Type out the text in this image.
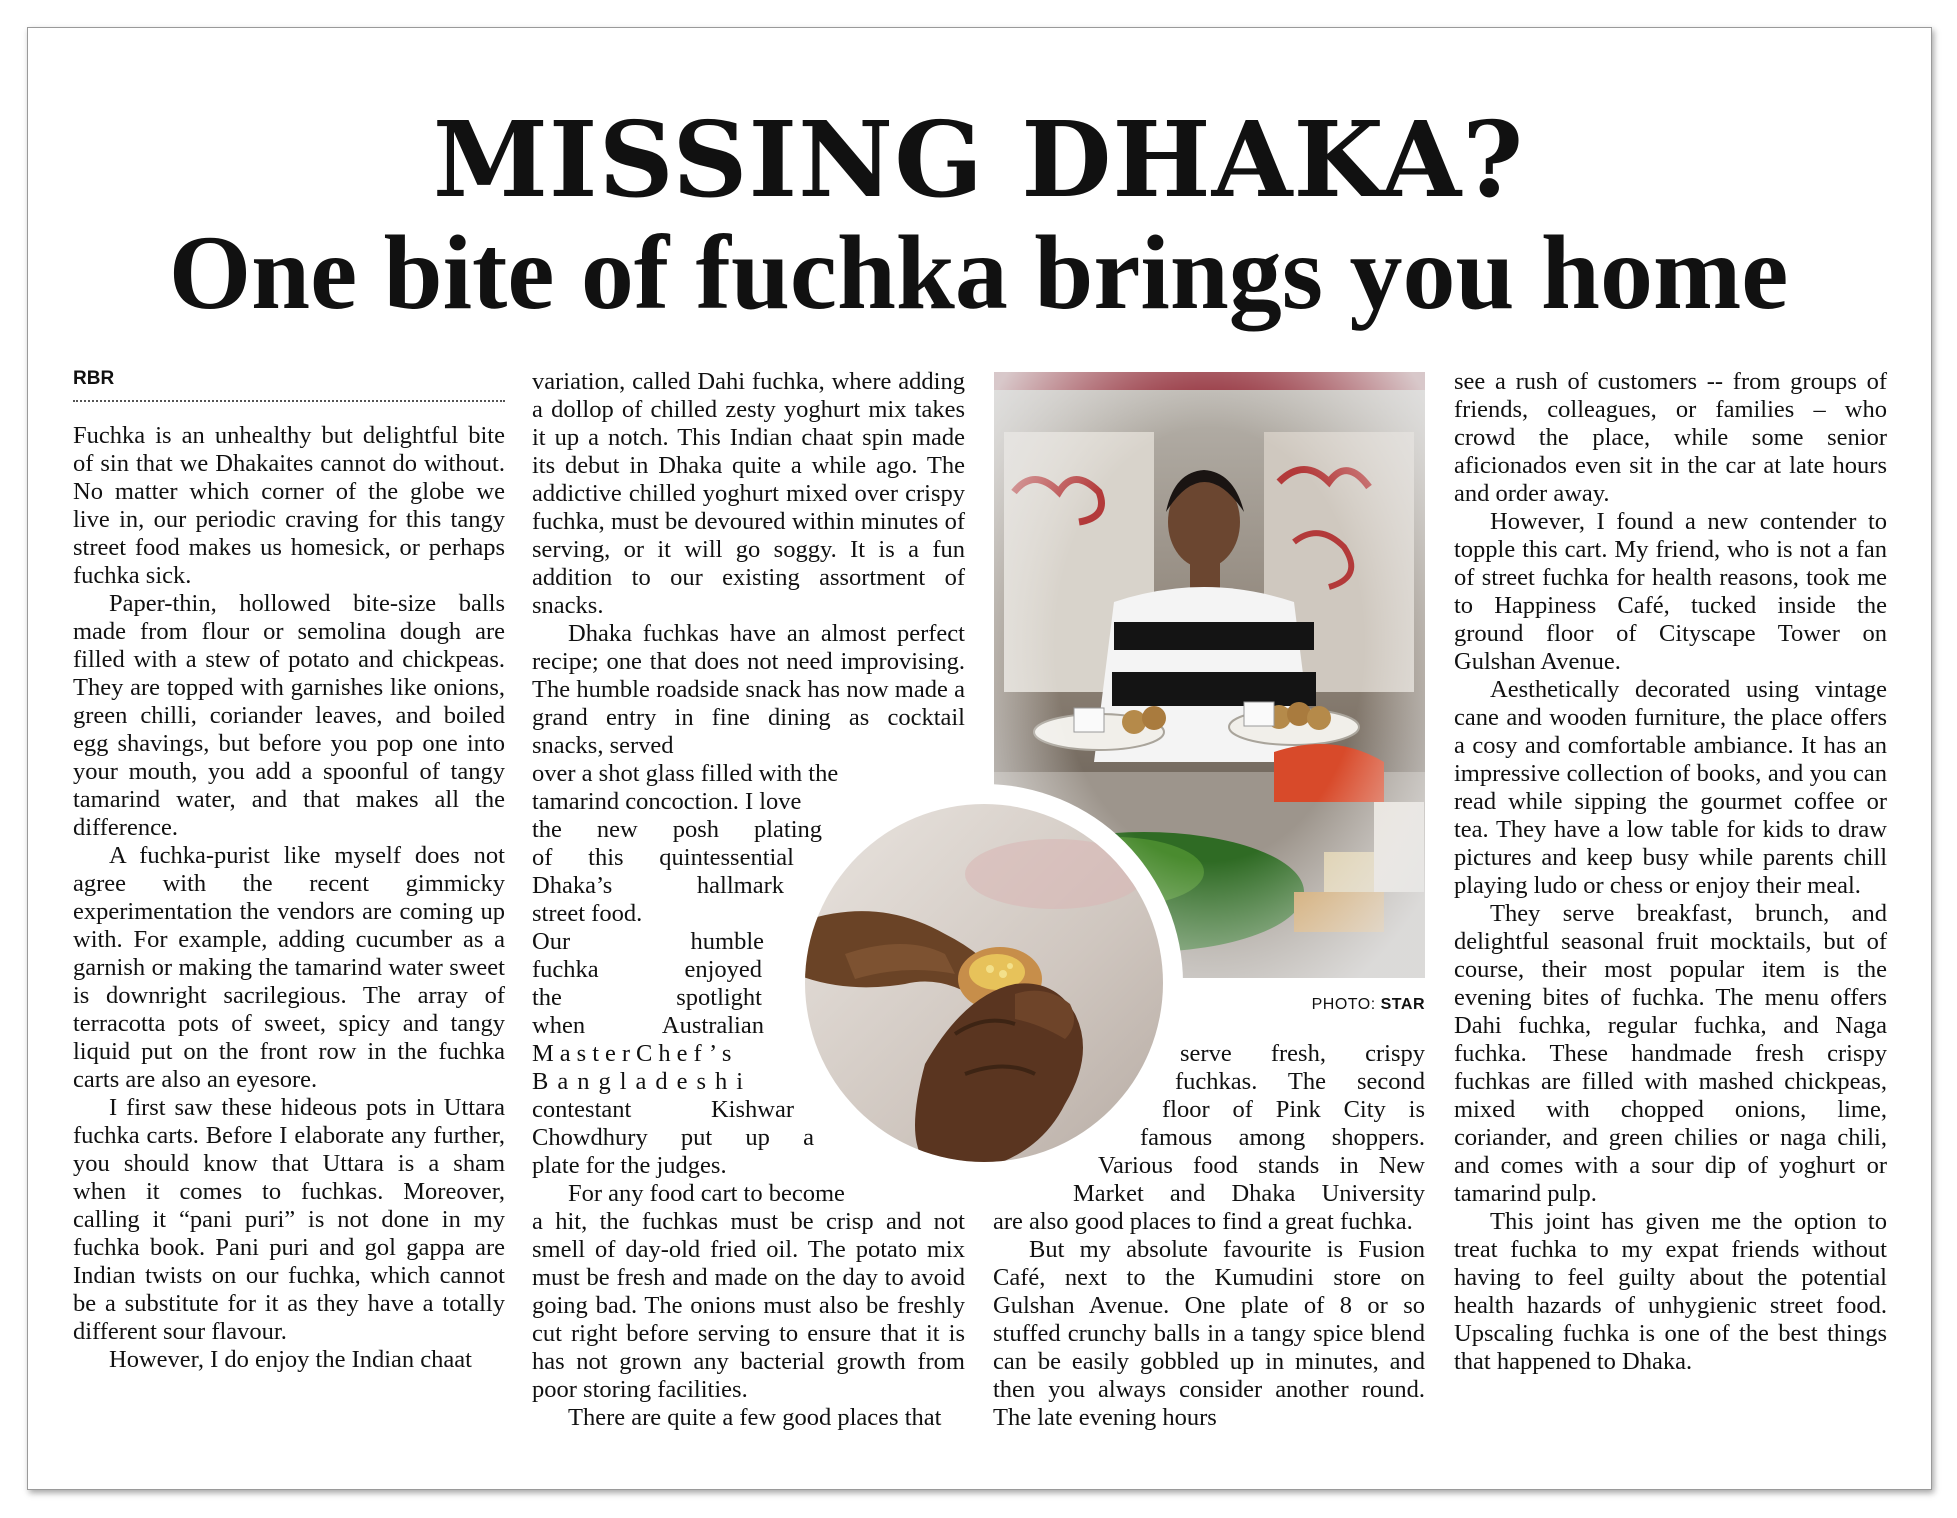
MISSING DHAKA?
One bite of fuchka brings you home
RBR

Fuchka is an unhealthy but delightful bite of sin that we Dhakaites cannot do without. No matter which corner of the globe we live in, our periodic craving for this tangy street food makes us homesick, or perhaps fuchka sick.

Paper-thin, hollowed bite-size balls made from flour or semolina dough are filled with a stew of potato and chickpeas. They are topped with garnishes like onions, green chilli, coriander leaves, and boiled egg shavings, but before you pop one into your mouth, you add a spoonful of tangy tamarind water, and that makes all the difference.

A fuchka-purist like myself does not agree with the recent gimmicky experimentation the vendors are coming up with. For example, adding cucumber as a garnish or making the tamarind water sweet is downright sacrilegious. The array of terracotta pots of sweet, spicy and tangy liquid put on the front row in the fuchka carts are also an eyesore.

I first saw these hideous pots in Uttara fuchka carts. Before I elaborate any further, you should know that Uttara is a sham when it comes to fuchkas. Moreover, calling it “pani puri” is not done in my fuchka book. Pani puri and gol gappa are Indian twists on our fuchka, which cannot be a substitute for it as they have a totally different sour flavour.

However, I do enjoy the Indian chaat

variation, called Dahi fuchka, where adding a dollop of chilled zesty yoghurt mix takes it up a notch. This Indian chaat spin made its debut in Dhaka quite a while ago. The addictive chilled yoghurt mixed over crispy fuchka, must be devoured within minutes of serving, or it will go soggy. It is a fun addition to our existing assortment of snacks.

Dhaka fuchkas have an almost perfect recipe; one that does not need improvising. The humble roadside snack has now made a grand entry in fine dining as cocktail snacks, served

over a shot glass filled with the
tamarind concoction. I love
the new posh plating
of this quintessential
Dhaka’s hallmark
street food.
Our humble
fuchka enjoyed
the spotlight
when Australian
MasterChef’s
Bangladeshi
contestant Kishwar
Chowdhury put up a
plate for the judges.
For any food cart to become

a hit, the fuchkas must be crisp and not smell of day-old fried oil. The potato mix must be fresh and made on the day to avoid going bad. The onions must also be freshly cut right before serving to ensure that it is has not grown any bacterial growth from poor storing facilities.

There are quite a few good places that

PHOTO: STAR
serve fresh, crispy
fuchkas. The second
floor of Pink City is
famous among shoppers.
Various food stands in New
Market and Dhaka University

are also good places to find a great fuchka.

But my absolute favourite is Fusion Café, next to the Kumudini store on Gulshan Avenue. One plate of 8 or so stuffed crunchy balls in a tangy spice blend can be easily gobbled up in minutes, and then you always consider another round. The late evening hours

see a rush of customers -- from groups of friends, colleagues, or families – who crowd the place, while some senior aficionados even sit in the car at late hours and order away.

However, I found a new contender to topple this cart. My friend, who is not a fan of street fuchka for health reasons, took me to Happiness Café, tucked inside the ground floor of Cityscape Tower on Gulshan Avenue.

Aesthetically decorated using vintage cane and wooden furniture, the place offers a cosy and comfortable ambiance. It has an impressive collection of books, and you can read while sipping the gourmet coffee or tea. They have a low table for kids to draw pictures and keep busy while parents chill playing ludo or chess or enjoy their meal.

They serve breakfast, brunch, and delightful seasonal fruit mocktails, but of course, their most popular item is the evening bites of fuchka. The menu offers Dahi fuchka, regular fuchka, and Naga fuchka. These handmade fresh crispy fuchkas are filled with mashed chickpeas, mixed with chopped onions, lime, coriander, and green chilies or naga chili, and comes with a sour dip of yoghurt or tamarind pulp.

This joint has given me the option to treat fuchka to my expat friends without having to feel guilty about the potential health hazards of unhygienic street food. Upscaling fuchka is one of the best things that happened to Dhaka.
